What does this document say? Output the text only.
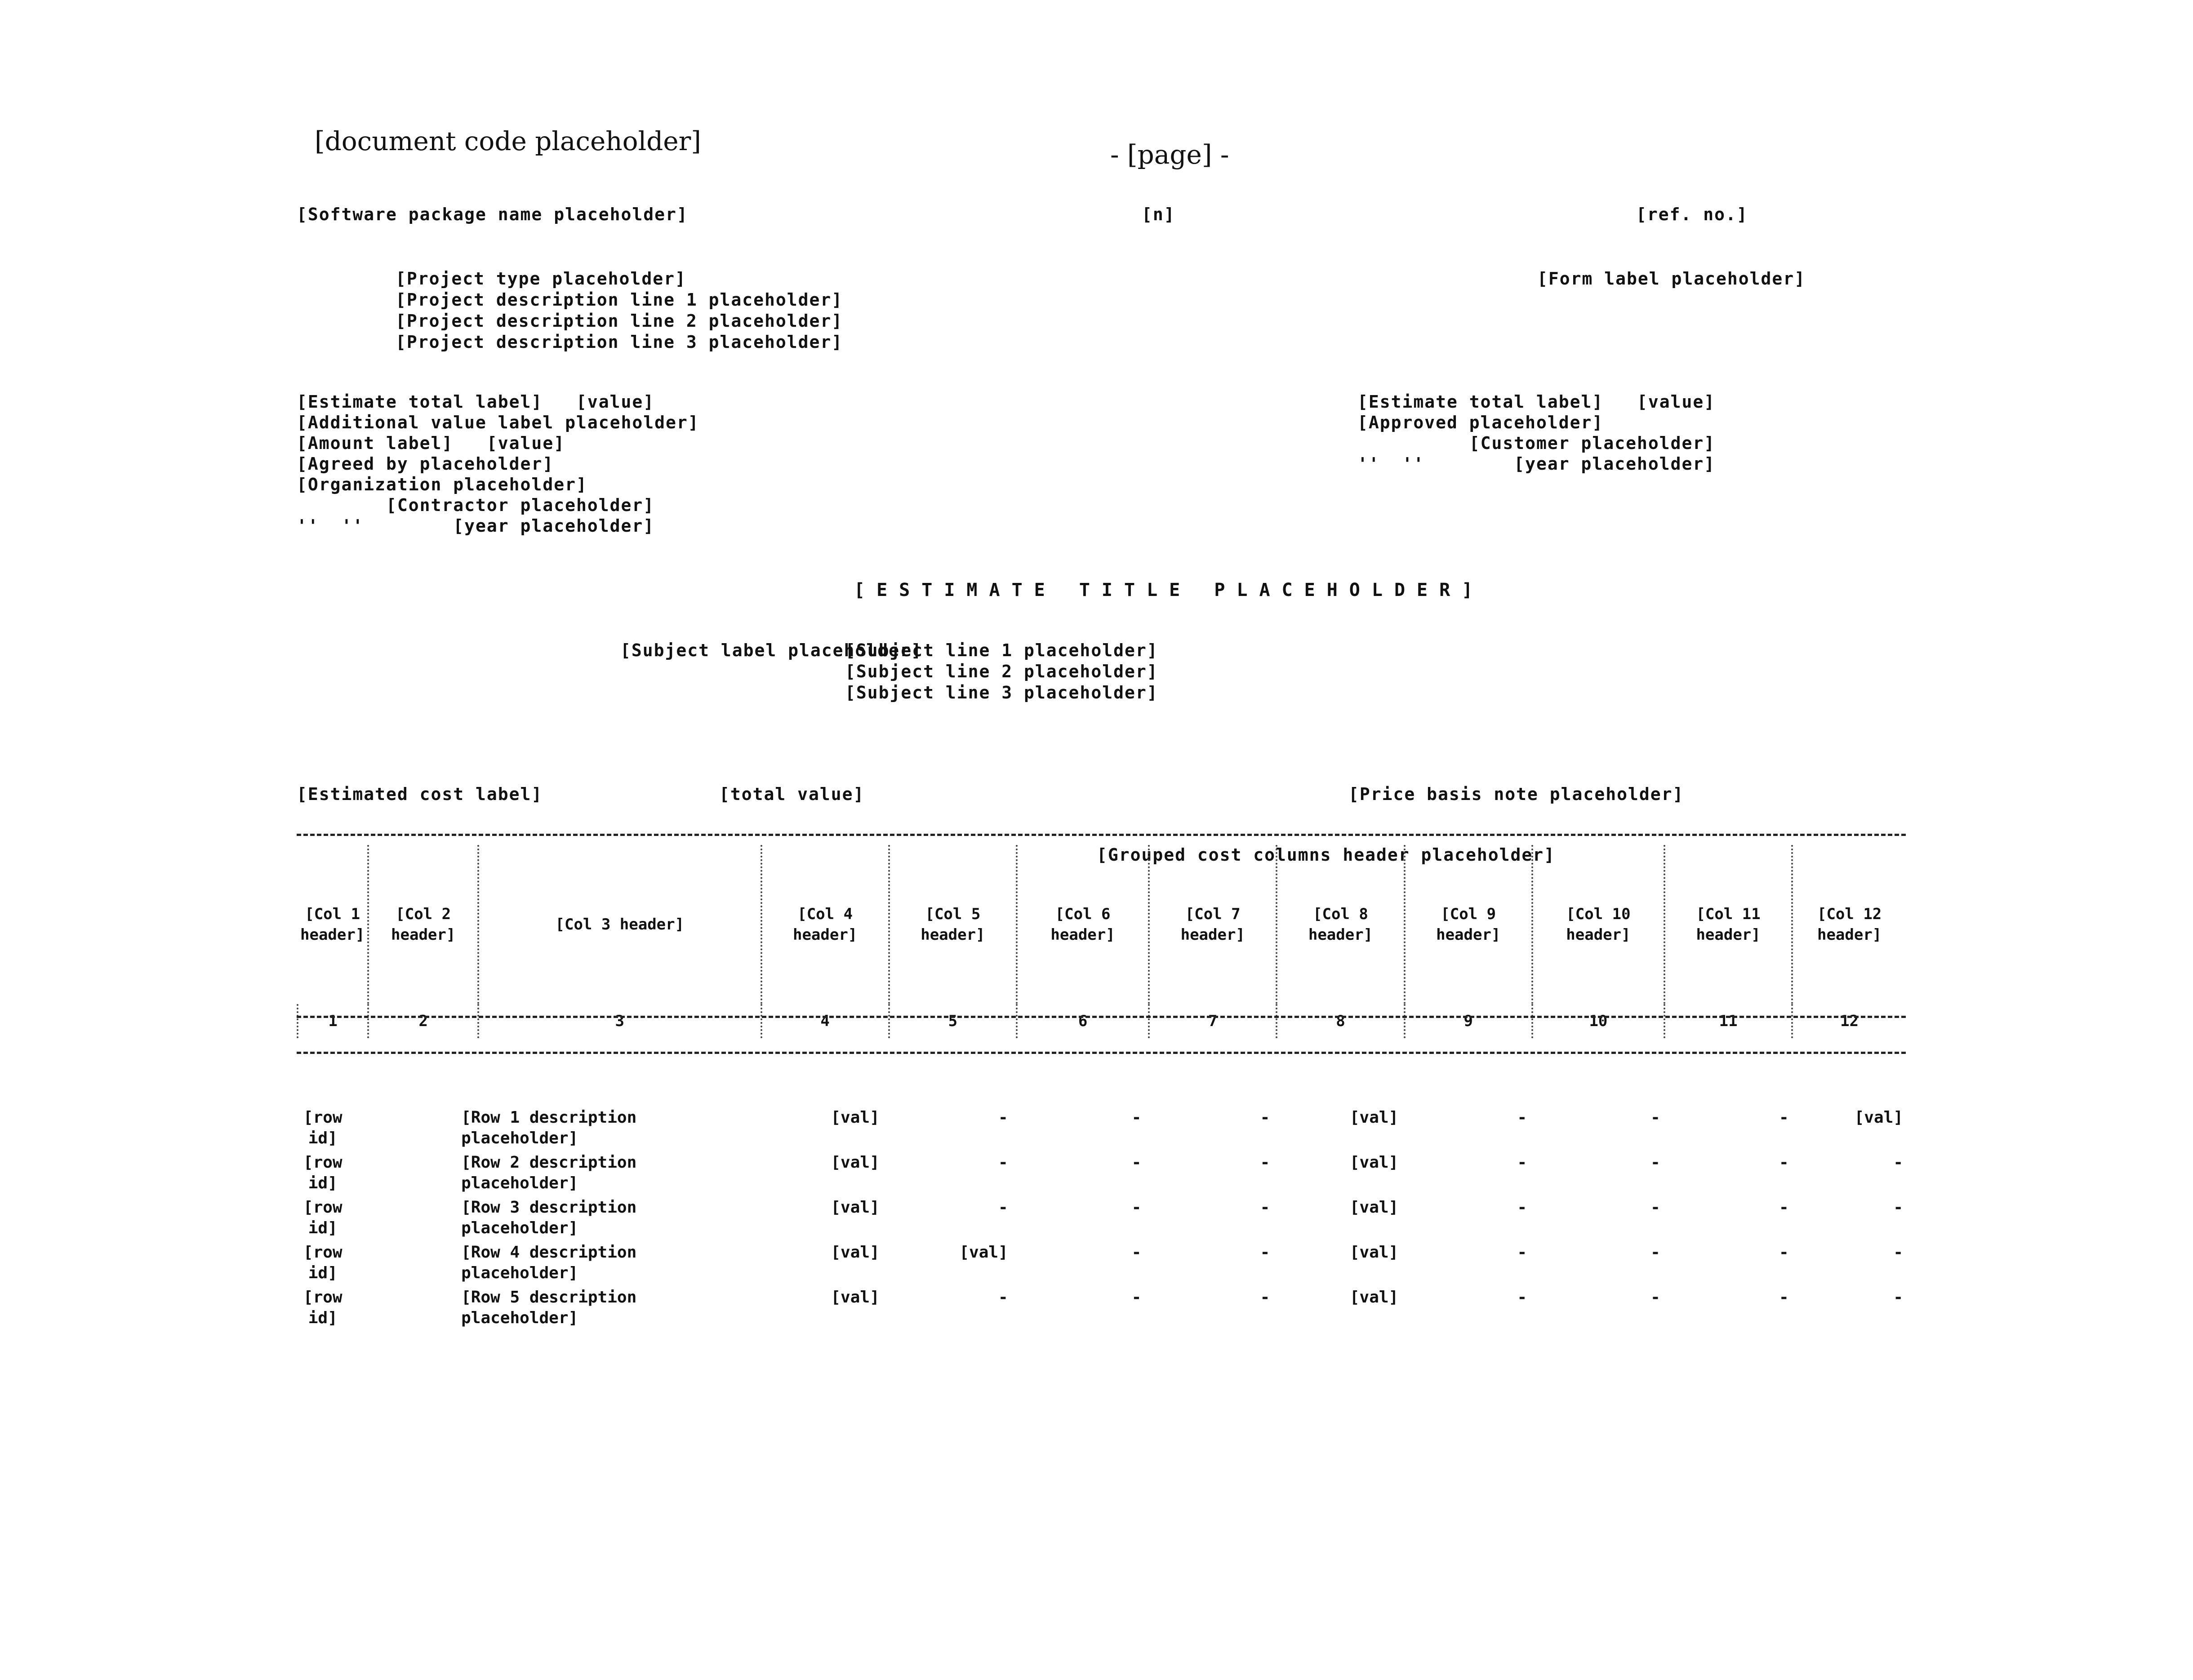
[document code placeholder]	- [page] -
[Software package name placeholder]	[n]	[ref. no.]
[Form label placeholder]
[Project type placeholder]
[Project description line 1 placeholder]
[Project description line 2 placeholder]
[Project description line 3 placeholder]
[Estimate total label]   [value]
[Additional value label placeholder]
[Amount label]   [value]
[Agreed by placeholder]
[Organization placeholder]
[Contractor placeholder]
''  ''        [year placeholder]
[Estimate total label]   [value]
[Approved placeholder]
[Customer placeholder]
''  ''        [year placeholder]
[ESTIMATE TITLE PLACEHOLDER]
[Subject label placeholder]
[Subject line 1 placeholder]
[Subject line 2 placeholder]
[Subject line 3 placeholder]
[Estimated cost label]	[total value]	[Price basis note placeholder]
[Grouped cost columns header placeholder]
[Col 1 header]	[Col 2 header]	[Col 3 header]	[Col 4 header]	[Col 5 header]	[Col 6 header]	[Col 7 header]	[Col 8 header]	[Col 9 header]	[Col 10 header]	[Col 11 header]	[Col 12 header]
1	2	3	4	5	6	7	8	9	10	11	12
[row id]		[Row 1 description placeholder]	[val]	-	-	-	[val]	-	-	-	[val]
[row id]		[Row 2 description placeholder]	[val]	-	-	-	[val]	-	-	-	-
[row id]		[Row 3 description placeholder]	[val]	-	-	-	[val]	-	-	-	-
[row id]		[Row 4 description placeholder]	[val]	[val]	-	-	[val]	-	-	-	-
[row id]		[Row 5 description placeholder]	[val]	-	-	-	[val]	-	-	-	-
